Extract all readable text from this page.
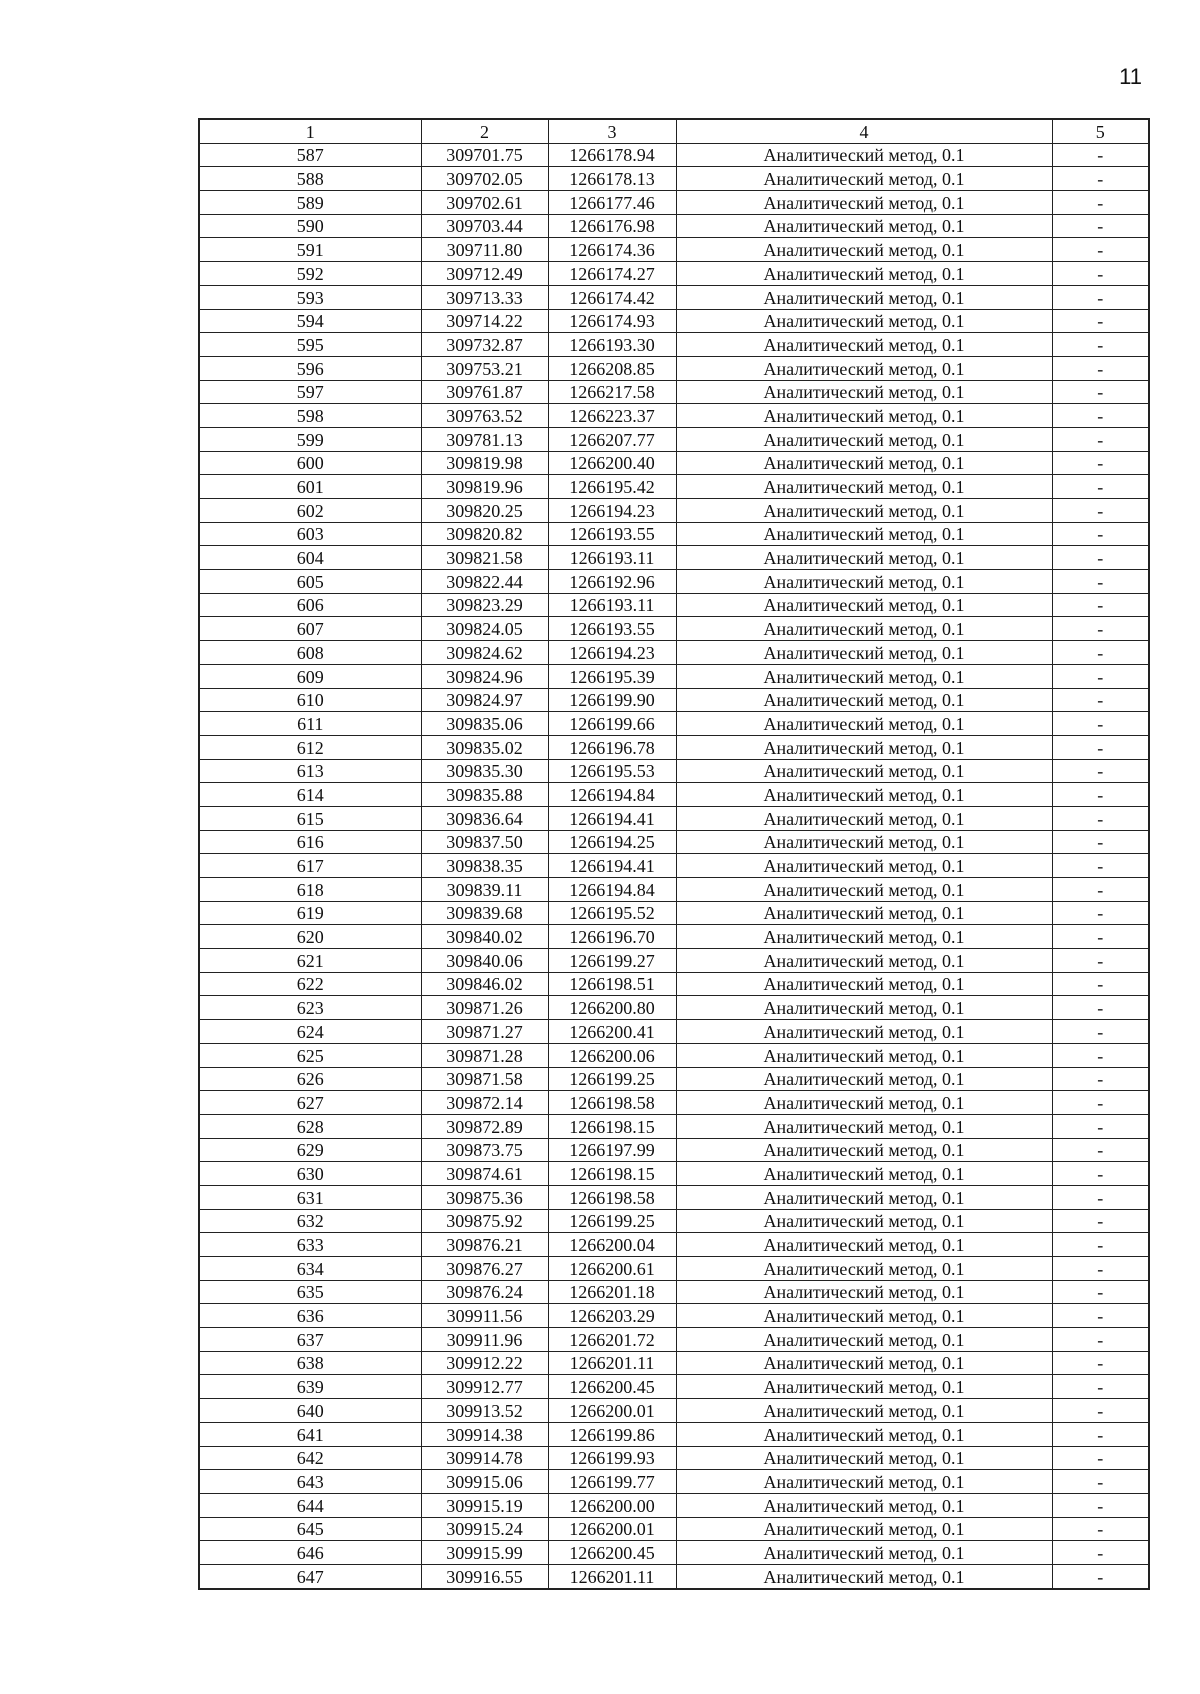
11
1	2	3	4	5
587	309701.75	1266178.94	Аналитический метод, 0.1	-
588	309702.05	1266178.13	Аналитический метод, 0.1	-
589	309702.61	1266177.46	Аналитический метод, 0.1	-
590	309703.44	1266176.98	Аналитический метод, 0.1	-
591	309711.80	1266174.36	Аналитический метод, 0.1	-
592	309712.49	1266174.27	Аналитический метод, 0.1	-
593	309713.33	1266174.42	Аналитический метод, 0.1	-
594	309714.22	1266174.93	Аналитический метод, 0.1	-
595	309732.87	1266193.30	Аналитический метод, 0.1	-
596	309753.21	1266208.85	Аналитический метод, 0.1	-
597	309761.87	1266217.58	Аналитический метод, 0.1	-
598	309763.52	1266223.37	Аналитический метод, 0.1	-
599	309781.13	1266207.77	Аналитический метод, 0.1	-
600	309819.98	1266200.40	Аналитический метод, 0.1	-
601	309819.96	1266195.42	Аналитический метод, 0.1	-
602	309820.25	1266194.23	Аналитический метод, 0.1	-
603	309820.82	1266193.55	Аналитический метод, 0.1	-
604	309821.58	1266193.11	Аналитический метод, 0.1	-
605	309822.44	1266192.96	Аналитический метод, 0.1	-
606	309823.29	1266193.11	Аналитический метод, 0.1	-
607	309824.05	1266193.55	Аналитический метод, 0.1	-
608	309824.62	1266194.23	Аналитический метод, 0.1	-
609	309824.96	1266195.39	Аналитический метод, 0.1	-
610	309824.97	1266199.90	Аналитический метод, 0.1	-
611	309835.06	1266199.66	Аналитический метод, 0.1	-
612	309835.02	1266196.78	Аналитический метод, 0.1	-
613	309835.30	1266195.53	Аналитический метод, 0.1	-
614	309835.88	1266194.84	Аналитический метод, 0.1	-
615	309836.64	1266194.41	Аналитический метод, 0.1	-
616	309837.50	1266194.25	Аналитический метод, 0.1	-
617	309838.35	1266194.41	Аналитический метод, 0.1	-
618	309839.11	1266194.84	Аналитический метод, 0.1	-
619	309839.68	1266195.52	Аналитический метод, 0.1	-
620	309840.02	1266196.70	Аналитический метод, 0.1	-
621	309840.06	1266199.27	Аналитический метод, 0.1	-
622	309846.02	1266198.51	Аналитический метод, 0.1	-
623	309871.26	1266200.80	Аналитический метод, 0.1	-
624	309871.27	1266200.41	Аналитический метод, 0.1	-
625	309871.28	1266200.06	Аналитический метод, 0.1	-
626	309871.58	1266199.25	Аналитический метод, 0.1	-
627	309872.14	1266198.58	Аналитический метод, 0.1	-
628	309872.89	1266198.15	Аналитический метод, 0.1	-
629	309873.75	1266197.99	Аналитический метод, 0.1	-
630	309874.61	1266198.15	Аналитический метод, 0.1	-
631	309875.36	1266198.58	Аналитический метод, 0.1	-
632	309875.92	1266199.25	Аналитический метод, 0.1	-
633	309876.21	1266200.04	Аналитический метод, 0.1	-
634	309876.27	1266200.61	Аналитический метод, 0.1	-
635	309876.24	1266201.18	Аналитический метод, 0.1	-
636	309911.56	1266203.29	Аналитический метод, 0.1	-
637	309911.96	1266201.72	Аналитический метод, 0.1	-
638	309912.22	1266201.11	Аналитический метод, 0.1	-
639	309912.77	1266200.45	Аналитический метод, 0.1	-
640	309913.52	1266200.01	Аналитический метод, 0.1	-
641	309914.38	1266199.86	Аналитический метод, 0.1	-
642	309914.78	1266199.93	Аналитический метод, 0.1	-
643	309915.06	1266199.77	Аналитический метод, 0.1	-
644	309915.19	1266200.00	Аналитический метод, 0.1	-
645	309915.24	1266200.01	Аналитический метод, 0.1	-
646	309915.99	1266200.45	Аналитический метод, 0.1	-
647	309916.55	1266201.11	Аналитический метод, 0.1	-
